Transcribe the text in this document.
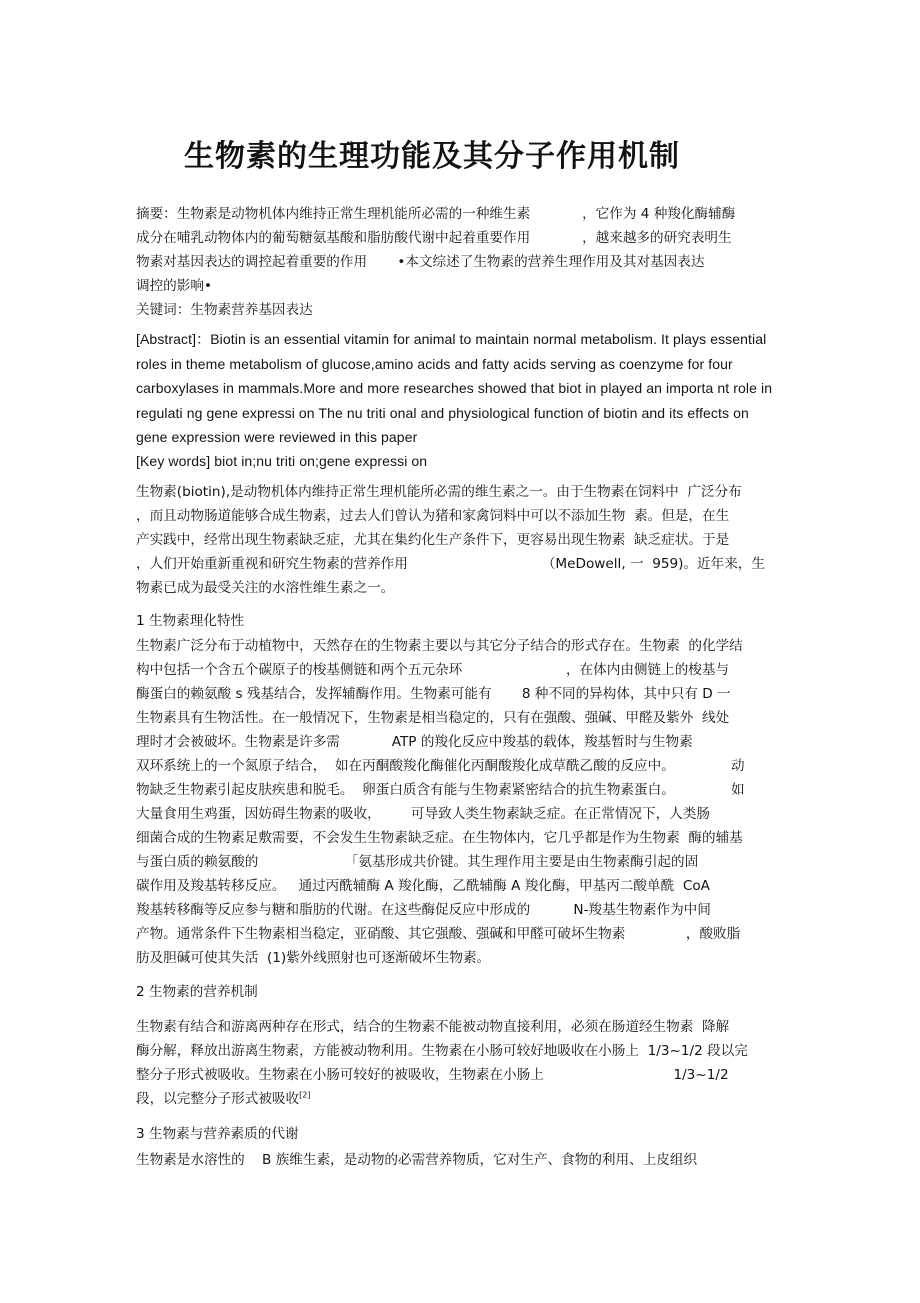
生物素的生理功能及其分子作用机制
摘要：生物素是动物机体内维持正常生理机能所必需的一种维生素            ，它作为 4 种羧化酶辅酶
成分在哺乳动物体内的葡萄糖氨基酸和脂肪酸代谢中起着重要作用            ，越来越多的研究表明生
物素对基因表达的调控起着重要的作用       •本文综述了生物素的营养生理作用及其对基因表达
调控的影响•
关键词：生物素营养基因表达
[Abstract]：Biotin is an essential vitamin for animal to maintain normal metabolism. It plays essential
roles in theme metabolism of glucose,amino acids and fatty acids serving as coenzyme for four
carboxylases in mammals.More and more researches showed that biot in played an importa nt role in
regulati ng gene expressi on The nu triti onal and physiological function of biotin and its effects on
gene expression were reviewed in this paper
[Key words] biot in;nu triti on;gene expressi on
生物素(biotin),是动物机体内维持正常生理机能所必需的维生素之一。由于生物素在饲料中  广泛分布
，而且动物肠道能够合成生物素，过去人们曾认为猪和家禽饲料中可以不添加生物  素。但是，在生
产实践中，经常出现生物素缺乏症，尤其在集约化生产条件下，更容易出现生物素  缺乏症状。于是
，人们开始重新重视和研究生物素的营养作用                               （MeDowell, 一  959)。近年来，生
物素已成为最受关注的水溶性维生素之一。
1 生物素理化特性
生物素广泛分布于动植物中，天然存在的生物素主要以与其它分子结合的形式存在。生物素  的化学结
构中包括一个含五个碳原子的梭基侧链和两个五元杂环                        ，在体内由侧链上的梭基与
酶蛋白的赖氨酸 s 残基结合，发挥辅酶作用。生物素可能有       8 种不同的异构体，其中只有 D 一
生物素具有生物活性。在一般情况下，生物素是相当稳定的，只有在强酸、强碱、甲醛及紫外  线处
理时才会被破坏。生物素是许多需            ATP 的羧化反应中羧基的载体，羧基暂时与生物素
双环系统上的一个氮原子结合，  如在丙酮酸羧化酶催化丙酮酸羧化成草酰乙酸的反应中。             动
物缺乏生物素引起皮肤疾患和脱毛。  卵蛋白质含有能与生物素紧密结合的抗生物素蛋白。             如
大量食用生鸡蛋，因妨碍生物素的吸收，       可导致人类生物素缺乏症。在正常情况下，人类肠
细菌合成的生物素足敷需要，不会发生生物素缺乏症。在生物体内，它几乎都是作为生物素  酶的辅基
与蛋白质的赖氨酸的                    「氨基形成共价键。其生理作用主要是由生物素酶引起的固
碳作用及羧基转移反应。   通过丙酰辅酶 A 羧化酶，乙酰辅酶 A 羧化酶，甲基丙二酸单酰  CoA
羧基转移酶等反应参与糖和脂肪的代谢。在这些酶促反应中形成的          N-羧基生物素作为中间
产物。通常条件下生物素相当稳定，亚硝酸、其它强酸、强碱和甲醛可破坏生物素              ，酸败脂
肪及胆碱可使其失活  (1)紫外线照射也可逐渐破坏生物素。
2 生物素的营养机制
生物素有结合和游离两种存在形式，结合的生物素不能被动物直接利用，必须在肠道经生物素  降解
酶分解，释放出游离生物素，方能被动物利用。生物素在小肠可较好地吸收在小肠上  1/3~1/2 段以完
整分子形式被吸收。生物素在小肠可较好的被吸收，生物素在小肠上                              1/3~1/2
段，以完整分子形式被吸收[2]
3 生物素与营养素质的代谢
生物素是水溶性的    B 族维生素，是动物的必需营养物质，它对生产、食物的利用、上皮组织
